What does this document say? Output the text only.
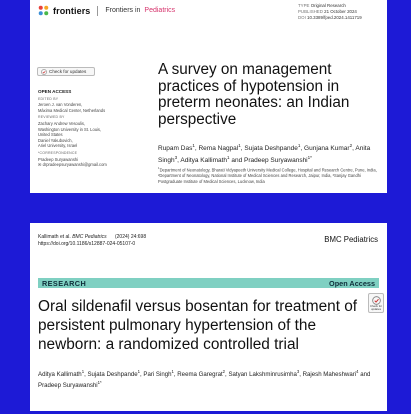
frontiers Frontiers in Pediatrics
TYPE Original Research
PUBLISHED 21 October 2024
DOI 10.3389/fped.2024.1411719
Check for updates
OPEN ACCESS
EDITED BY
Jeroen J. van Vonderen,
Máxima Medical Center, Netherlands
REVIEWED BY
Zachary Andrew Vesoulis,
Washington University in St. Louis,
United States
Daniel Yakubovich,
Ariel University, Israel
*CORRESPONDENCE
Pradeep Suryawanshi
✉ drpradeepsuryawanshi@gmail.com
A survey on management practices of hypotension in preterm neonates: an Indian perspective
Rupam Das$^1$, Rema Nagpal$^1$, Sujata Deshpande$^1$, Gunjana Kumar$^2$, Anita Singh$^3$, Aditya Kallimath$^1$ and Pradeep Suryawanshi$^{1*}$
$^1$Department of Neonatology, Bharati Vidyapeeth University Medical College, Hospital and Research Centre, Pune, India, ²Department of Neonatology, National Institute of Medical Sciences and Research, Jaipur, India, ³Sanjay Gandhi Postgraduate Institute of Medical Sciences, Lucknow, India
Kallimath et al. BMC Pediatrics (2024) 24:698
https://doi.org/10.1186/s12887-024-05107-0	BMC Pediatrics
RESEARCH	Open Access
Oral sildenafil versus bosentan for treatment of persistent pulmonary hypertension of the newborn: a randomized controlled trial
Check for updates
Aditya Kallimath$^1$, Sujata Deshpande$^1$, Pari Singh$^1$, Reema Garegrat$^2$, Satyan Lakshminrusimha$^3$, Rajesh Maheshwari$^4$ and Pradeep Suryawanshi$^{1*}$
